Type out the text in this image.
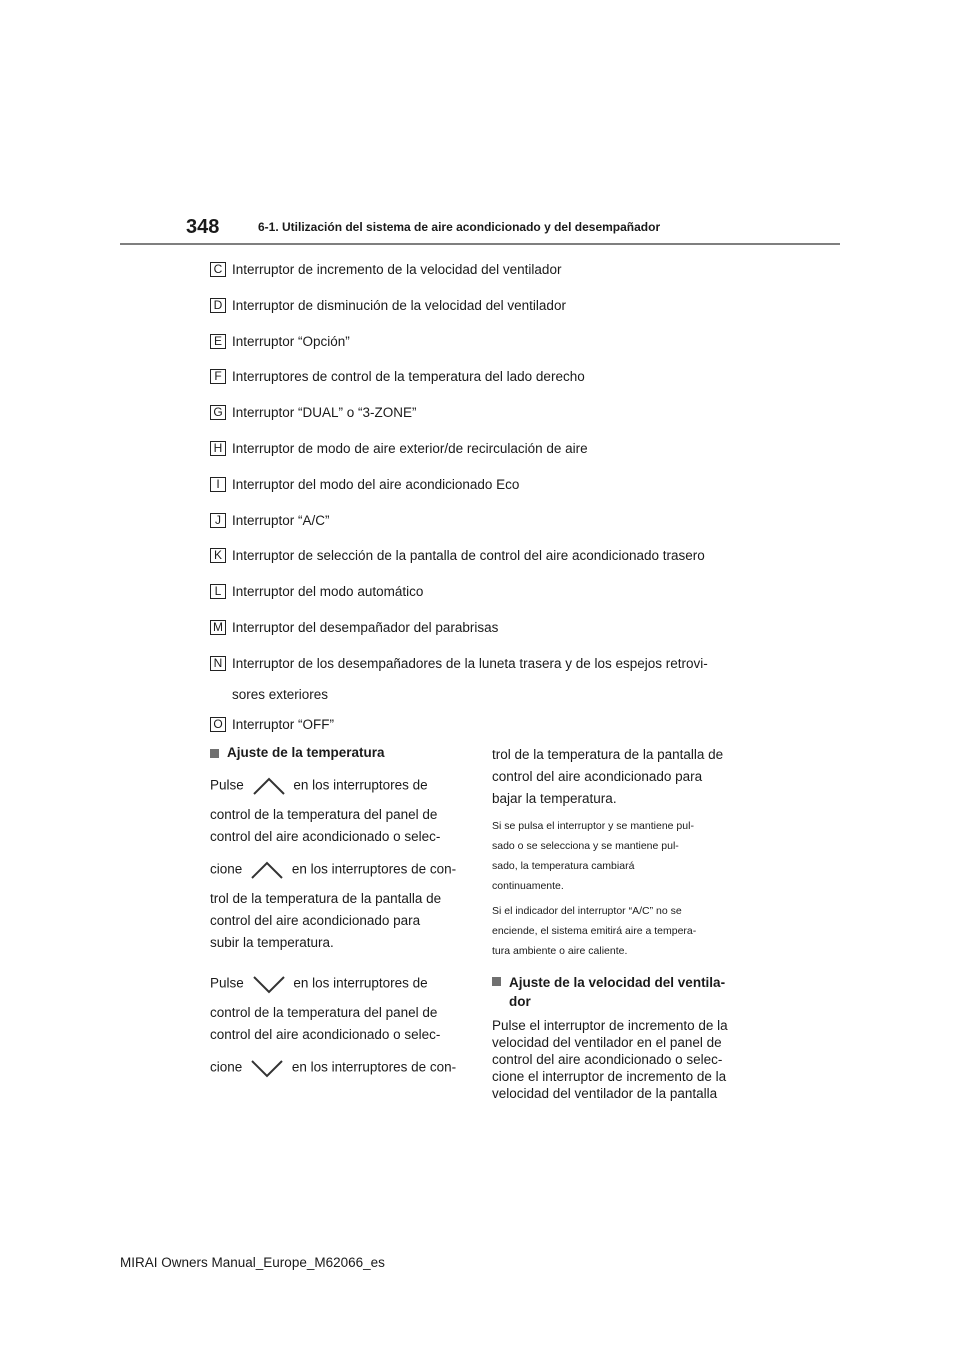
348	6-1. Utilización del sistema de aire acondicionado y del desempañador
C Interruptor de incremento de la velocidad del ventilador
D Interruptor de disminución de la velocidad del ventilador
E Interruptor “Opción”
F Interruptores de control de la temperatura del lado derecho
G Interruptor “DUAL” o “3-ZONE”
H Interruptor de modo de aire exterior/de recirculación de aire
I Interruptor del modo del aire acondicionado Eco
J Interruptor “A/C”
K Interruptor de selección de la pantalla de control del aire acondicionado trasero
L Interruptor del modo automático
M Interruptor del desempañador del parabrisas
N Interruptor de los desempañadores de la luneta trasera y de los espejos retrovi-
sores exteriores
O Interruptor “OFF”
Ajuste de la temperatura

Pulse	en los interruptores de

control de la temperatura del panel de

control del aire acondicionado o selec-

cione	en los interruptores de con-

trol de la temperatura de la pantalla de

control del aire acondicionado para

subir la temperatura.

Pulse	en los interruptores de

control de la temperatura del panel de

control del aire acondicionado o selec-

cione	en los interruptores de con-

trol de la temperatura de la pantalla de

control del aire acondicionado para

bajar la temperatura.

Si se pulsa el interruptor y se mantiene pul-

sado o se selecciona y se mantiene pul-

sado, la temperatura cambiará

continuamente.

Si el indicador del interruptor “A/C” no se

enciende, el sistema emitirá aire a tempera-

tura ambiente o aire caliente.

Ajuste de la velocidad del ventila-
dor

Pulse el interruptor de incremento de la

velocidad del ventilador en el panel de

control del aire acondicionado o selec-

cione el interruptor de incremento de la

velocidad del ventilador de la pantalla

MIRAI Owners Manual_Europe_M62066_es
